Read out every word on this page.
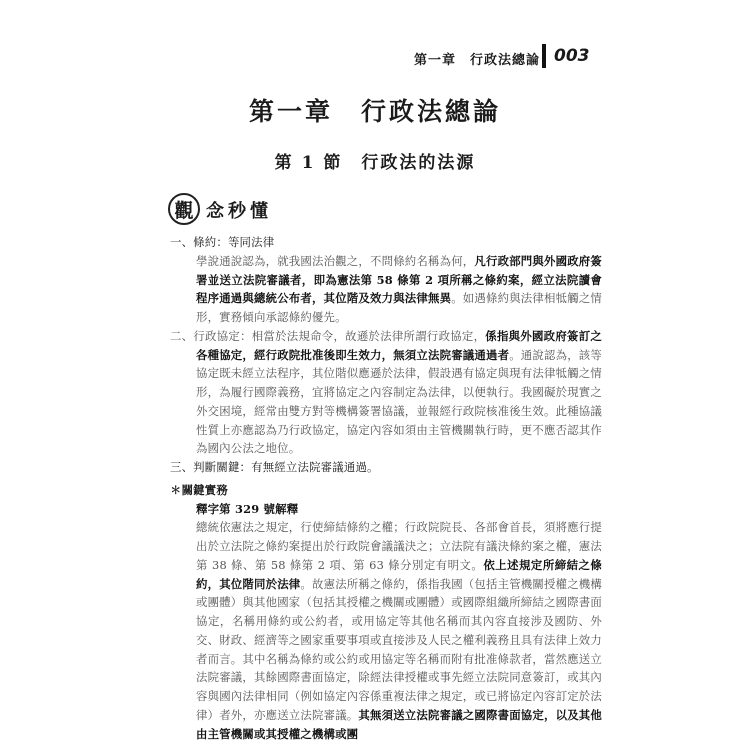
第一章　行政法總論 003
第一章　行政法總論
第 1 節　行政法的法源
觀 念秒懂

一、條約：等同法律

學說通說認為，就我國法治觀之，不問條約名稱為何，凡行政部門與外國政府簽署並送立法院審議者，即為憲法第 58 條第 2 項所稱之條約案，經立法院讀會程序通過與總統公布者，其位階及效力與法律無異。如遇條約與法律相牴觸之情形，實務傾向承認條約優先。

二、行政協定：相當於法規命令，故遜於法律所謂行政協定，係指與外國政府簽訂之各種協定，經行政院批准後即生效力，無須立法院審議通過者。通說認為，該等協定既未經立法程序，其位階似應遜於法律，假設遇有協定與現有法律牴觸之情形，為履行國際義務，宜將協定之內容制定為法律，以便執行。我國礙於現實之外交困境，經常由雙方對等機構簽署協議，並報經行政院核准後生效。此種協議性質上亦應認為乃行政協定，協定內容如須由主管機關執行時，更不應否認其作為國內公法之地位。

三、判斷關鍵：有無經立法院審議通過。

✽關鍵實務

釋字第 329 號解釋

總統依憲法之規定，行使締結條約之權；行政院院長、各部會首長，須將應行提出於立法院之條約案提出於行政院會議議決之；立法院有議決條約案之權，憲法第 38 條、第 58 條第 2 項、第 63 條分別定有明文。依上述規定所締結之條約，其位階同於法律。故憲法所稱之條約，係指我國（包括主管機關授權之機構或團體）與其他國家（包括其授權之機關或團體）或國際組織所締結之國際書面協定，名稱用條約或公約者，或用協定等其他名稱而其內容直接涉及國防、外交、財政、經濟等之國家重要事項或直接涉及人民之權利義務且具有法律上效力者而言。其中名稱為條約或公約或用協定等名稱而附有批准條款者，當然應送立法院審議，其餘國際書面協定，除經法律授權或事先經立法院同意簽訂，或其內容與國內法律相同（例如協定內容係重複法律之規定，或已將協定內容訂定於法律）者外，亦應送立法院審議。其無須送立法院審議之國際書面協定，以及其他由主管機關或其授權之機構或團
